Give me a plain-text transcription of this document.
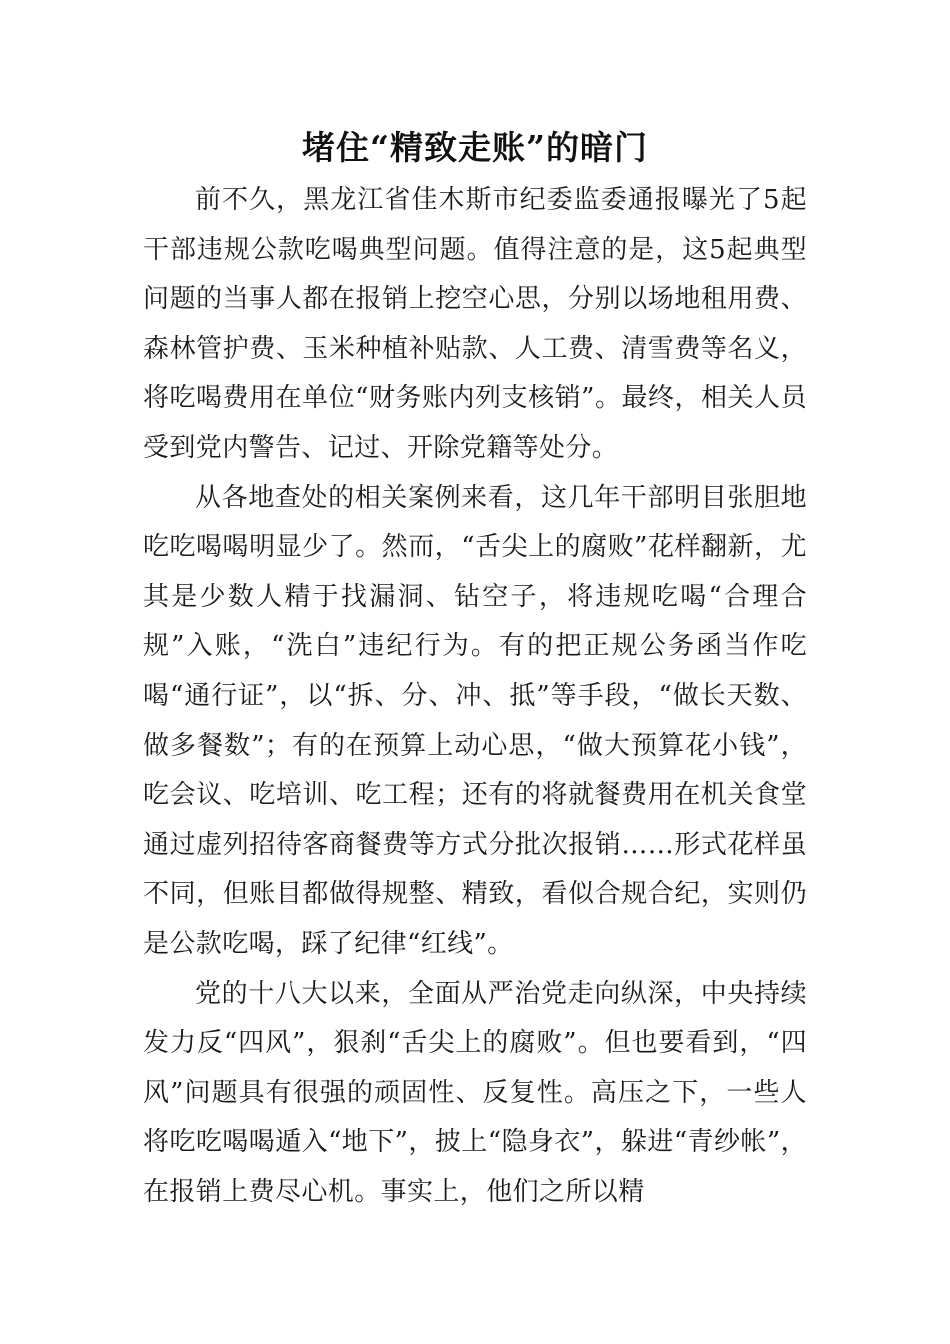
堵住“精致走账”的暗门

前不久，黑龙江省佳木斯市纪委监委通报曝光了5起干部违规公款吃喝典型问题。值得注意的是，这5起典型问题的当事人都在报销上挖空心思，分别以场地租用费、森林管护费、玉米种植补贴款、人工费、清雪费等名义，将吃喝费用在单位“财务账内列支核销”。最终，相关人员受到党内警告、记过、开除党籍等处分。

从各地查处的相关案例来看，这几年干部明目张胆地吃吃喝喝明显少了。然而，“舌尖上的腐败”花样翻新，尤其是少数人精于找漏洞、钻空子，将违规吃喝“合理合规”入账，“洗白”违纪行为。有的把正规公务函当作吃喝“通行证”，以“拆、分、冲、抵”等手段，“做长天数、做多餐数”；有的在预算上动心思，“做大预算花小钱”，吃会议、吃培训、吃工程；还有的将就餐费用在机关食堂通过虚列招待客商餐费等方式分批次报销……形式花样虽不同，但账目都做得规整、精致，看似合规合纪，实则仍是公款吃喝，踩了纪律“红线”。

党的十八大以来，全面从严治党走向纵深，中央持续发力反“四风”，狠刹“舌尖上的腐败”。但也要看到，“四风”问题具有很强的顽固性、反复性。高压之下，一些人将吃吃喝喝遁入“地下”，披上“隐身衣”，躲进“青纱帐”，在报销上费尽心机。事实上，他们之所以精
